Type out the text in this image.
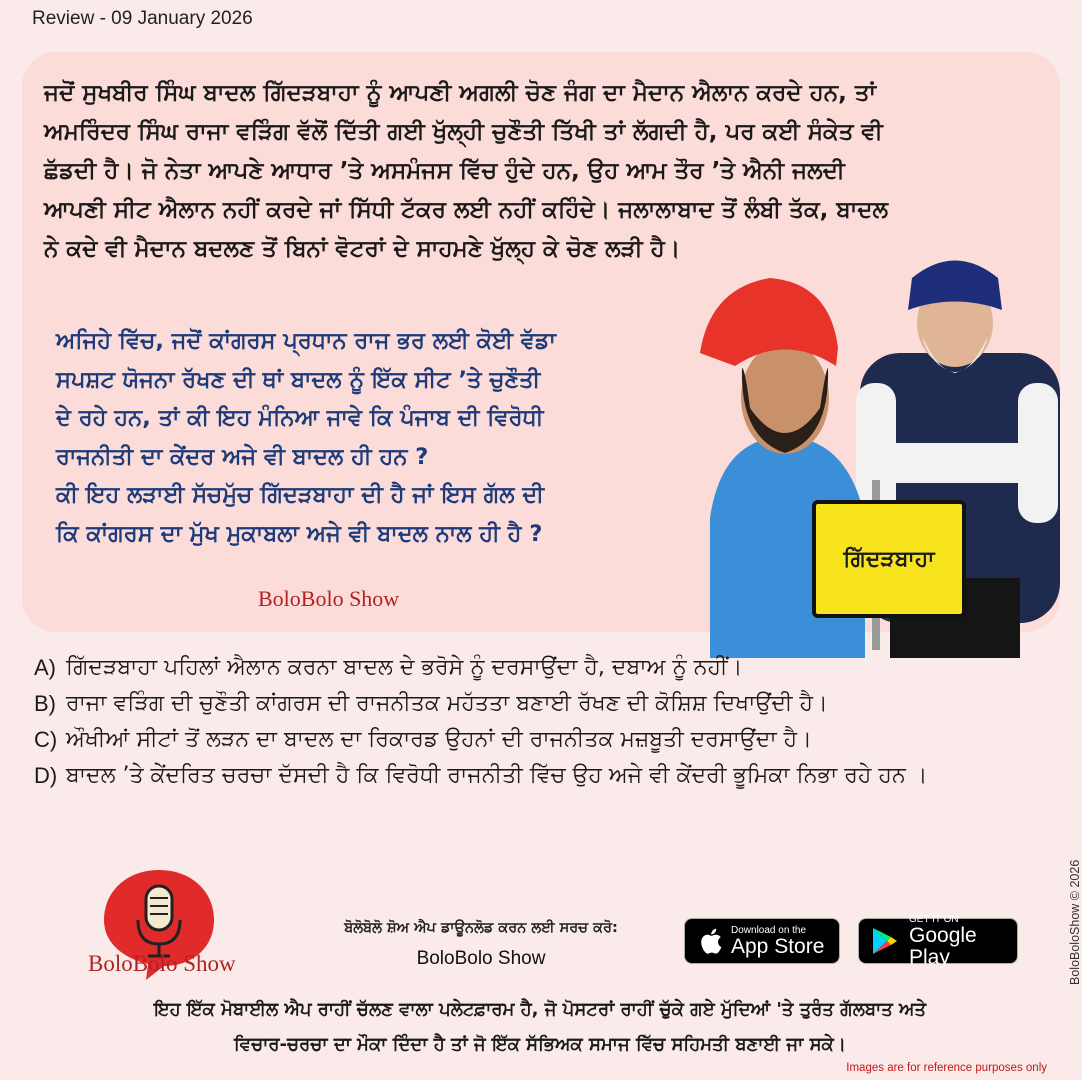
Review - 09 January 2026
ਜਦੋਂ ਸੁਖਬੀਰ ਸਿੰਘ ਬਾਦਲ ਗਿੱਦੜਬਾਹਾ ਨੂੰ ਆਪਣੀ ਅਗਲੀ ਚੋਣ ਜੰਗ ਦਾ ਮੈਦਾਨ ਐਲਾਨ ਕਰਦੇ ਹਨ, ਤਾਂ
ਅਮਰਿੰਦਰ ਸਿੰਘ ਰਾਜਾ ਵੜਿੰਗ ਵੱਲੋਂ ਦਿੱਤੀ ਗਈ ਖੁੱਲ੍ਹੀ ਚੁਣੌਤੀ ਤਿੱਖੀ ਤਾਂ ਲੱਗਦੀ ਹੈ, ਪਰ ਕਈ ਸੰਕੇਤ ਵੀ
ਛੱਡਦੀ ਹੈ। ਜੋ ਨੇਤਾ ਆਪਣੇ ਆਧਾਰ ’ਤੇ ਅਸਮੰਜਸ ਵਿੱਚ ਹੁੰਦੇ ਹਨ, ਉਹ ਆਮ ਤੌਰ ’ਤੇ ਐਨੀ ਜਲਦੀ
ਆਪਣੀ ਸੀਟ ਐਲਾਨ ਨਹੀਂ ਕਰਦੇ ਜਾਂ ਸਿੱਧੀ ਟੱਕਰ ਲਈ ਨਹੀਂ ਕਹਿੰਦੇ। ਜਲਾਲਾਬਾਦ ਤੋਂ ਲੰਬੀ ਤੱਕ, ਬਾਦਲ
ਨੇ ਕਦੇ ਵੀ ਮੈਦਾਨ ਬਦਲਣ ਤੋਂ ਬਿਨਾਂ ਵੋਟਰਾਂ ਦੇ ਸਾਹਮਣੇ ਖੁੱਲ੍ਹ ਕੇ ਚੋਣ ਲੜੀ ਹੈ।
ਅਜਿਹੇ ਵਿੱਚ, ਜਦੋਂ ਕਾਂਗਰਸ ਪ੍ਰਧਾਨ ਰਾਜ ਭਰ ਲਈ ਕੋਈ ਵੱਡਾ
ਸਪਸ਼ਟ ਯੋਜਨਾ ਰੱਖਣ ਦੀ ਥਾਂ ਬਾਦਲ ਨੂੰ ਇੱਕ ਸੀਟ ’ਤੇ ਚੁਣੌਤੀ
ਦੇ ਰਹੇ ਹਨ, ਤਾਂ ਕੀ ਇਹ ਮੰਨਿਆ ਜਾਵੇ ਕਿ ਪੰਜਾਬ ਦੀ ਵਿਰੋਧੀ
ਰਾਜਨੀਤੀ ਦਾ ਕੇਂਦਰ ਅਜੇ ਵੀ ਬਾਦਲ ਹੀ ਹਨ ?
ਕੀ ਇਹ ਲੜਾਈ ਸੱਚਮੁੱਚ ਗਿੱਦੜਬਾਹਾ ਦੀ ਹੈ ਜਾਂ ਇਸ ਗੱਲ ਦੀ
ਕਿ ਕਾਂਗਰਸ ਦਾ ਮੁੱਖ ਮੁਕਾਬਲਾ ਅਜੇ ਵੀ ਬਾਦਲ ਨਾਲ ਹੀ ਹੈ ?
BoloBolo Show
ਗਿੱਦੜਬਾਹਾ
A) ਗਿੱਦੜਬਾਹਾ ਪਹਿਲਾਂ ਐਲਾਨ ਕਰਨਾ ਬਾਦਲ ਦੇ ਭਰੋਸੇ ਨੂੰ ਦਰਸਾਉਂਦਾ ਹੈ, ਦਬਾਅ ਨੂੰ ਨਹੀਂ।
B) ਰਾਜਾ ਵੜਿੰਗ ਦੀ ਚੁਣੌਤੀ ਕਾਂਗਰਸ ਦੀ ਰਾਜਨੀਤਕ ਮਹੱਤਤਾ ਬਣਾਈ ਰੱਖਣ ਦੀ ਕੋਸ਼ਿਸ਼ ਦਿਖਾਉਂਦੀ ਹੈ।
C) ਔਖੀਆਂ ਸੀਟਾਂ ਤੋਂ ਲੜਨ ਦਾ ਬਾਦਲ ਦਾ ਰਿਕਾਰਡ ਉਹਨਾਂ ਦੀ ਰਾਜਨੀਤਕ ਮਜ਼ਬੂਤੀ ਦਰਸਾਉਂਦਾ ਹੈ।
D) ਬਾਦਲ ’ਤੇ ਕੇਂਦਰਿਤ ਚਰਚਾ ਦੱਸਦੀ ਹੈ ਕਿ ਵਿਰੋਧੀ ਰਾਜਨੀਤੀ ਵਿੱਚ ਉਹ ਅਜੇ ਵੀ ਕੇਂਦਰੀ ਭੂਮਿਕਾ ਨਿਭਾ ਰਹੇ ਹਨ ।
BoloBolo Show
ਬੋਲੋਬੋਲੋ ਸ਼ੋਅ ਐਪ ਡਾਊਨਲੋਡ ਕਰਨ ਲਈ ਸਰਚ ਕਰੋ:
BoloBolo Show
Download on the
App Store
GET IT ON
Google Play
ਇਹ ਇੱਕ ਮੋਬਾਈਲ ਐਪ ਰਾਹੀਂ ਚੱਲਣ ਵਾਲਾ ਪਲੇਟਫ਼ਾਰਮ ਹੈ, ਜੋ ਪੋਸਟਰਾਂ ਰਾਹੀਂ ਚੁੱਕੇ ਗਏ ਮੁੱਦਿਆਂ 'ਤੇ ਤੁਰੰਤ ਗੱਲਬਾਤ ਅਤੇ
ਵਿਚਾਰ-ਚਰਚਾ ਦਾ ਮੌਕਾ ਦਿੰਦਾ ਹੈ ਤਾਂ ਜੋ ਇੱਕ ਸੱਭਿਅਕ ਸਮਾਜ ਵਿੱਚ ਸਹਿਮਤੀ ਬਣਾਈ ਜਾ ਸਕੇ।
BoloBoloShow © 2026
Images are for reference purposes only
